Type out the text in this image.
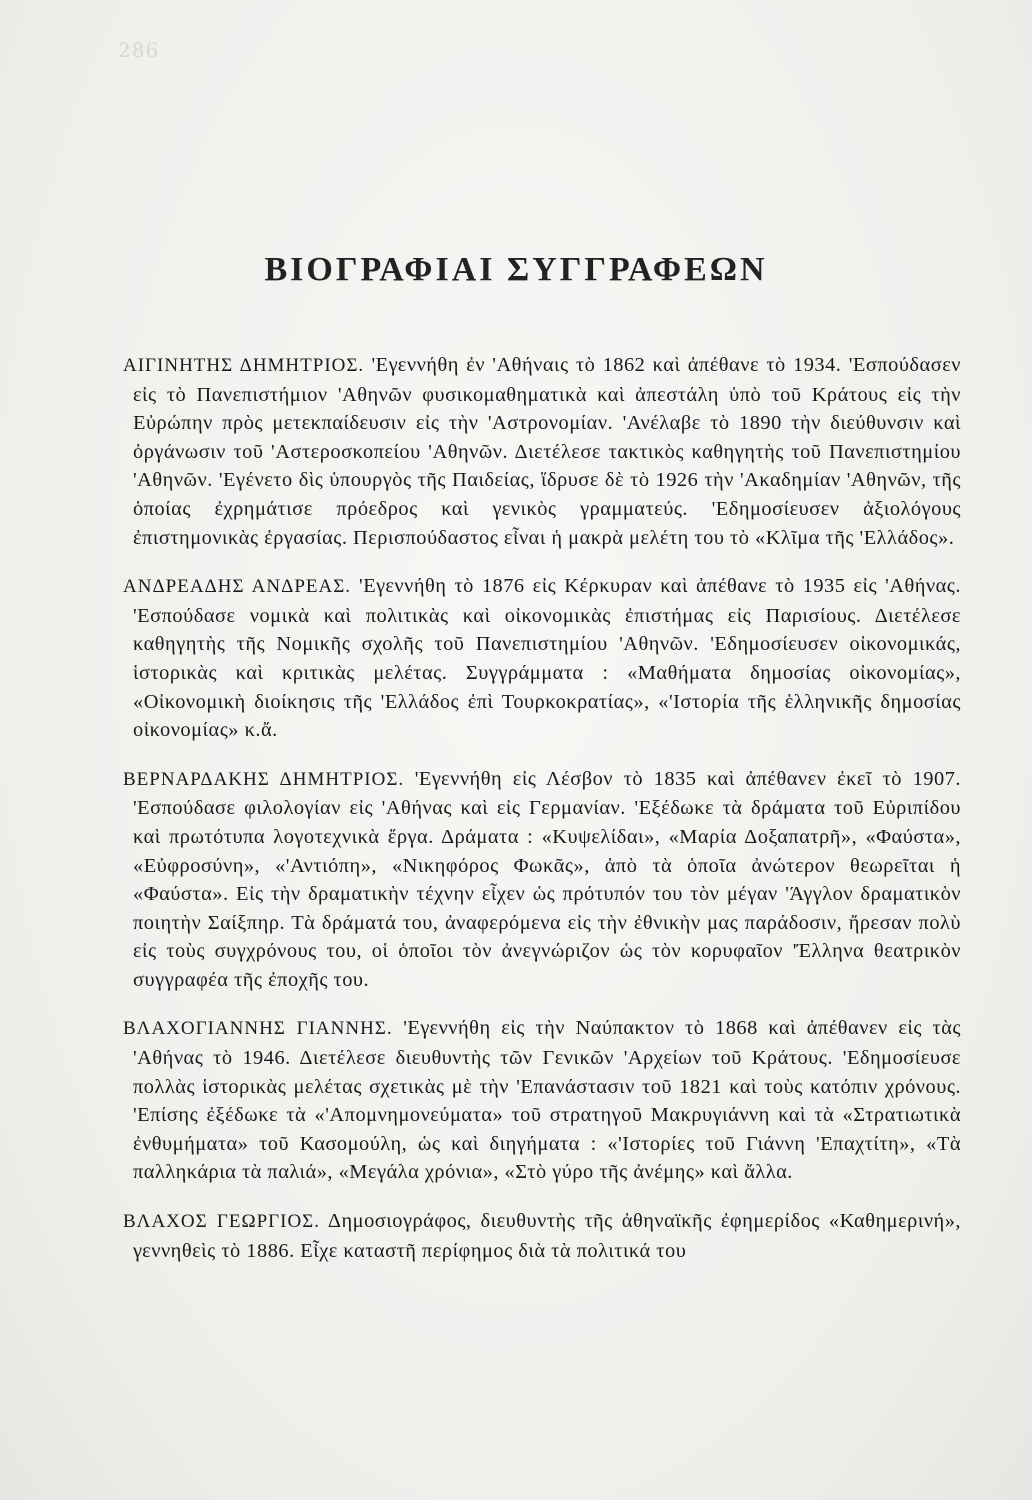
286

ΒΙΟΓΡΑΦΙΑΙ ΣΥΓΓΡΑΦΕΩΝ

ΑΙΓΙΝΗΤΗΣ ΔΗΜΗΤΡΙΟΣ. 'Εγεννήθη ἐν 'Αθήναις τὸ 1862 καὶ ἀπέθανε τὸ 1934. 'Εσπούδασεν εἰς τὸ Πανεπιστήμιον 'Αθηνῶν φυσικομαθηματικὰ καὶ ἀπεστάλη ὑπὸ τοῦ Κράτους εἰς τὴν Εὐρώπην πρὸς μετεκπαίδευσιν εἰς τὴν 'Αστρονομίαν. 'Ανέλαβε τὸ 1890 τὴν διεύθυνσιν καὶ ὀργάνωσιν τοῦ 'Αστεροσκοπείου 'Αθηνῶν. Διετέλεσε τακτικὸς καθηγητὴς τοῦ Πανεπιστημίου 'Αθηνῶν. 'Εγένετο δὶς ὑπουργὸς τῆς Παιδείας, ἵδρυσε δὲ τὸ 1926 τὴν 'Ακαδημίαν 'Αθηνῶν, τῆς ὁποίας ἐχρημάτισε πρόεδρος καὶ γενικὸς γραμματεύς. 'Εδημοσίευσεν ἀξιολόγους ἐπιστημονικὰς ἐργασίας. Περισπούδαστος εἶναι ἡ μακρὰ μελέτη του τὸ «Κλῖμα τῆς 'Ελλάδος».

ΑΝΔΡΕΑΔΗΣ ΑΝΔΡΕΑΣ. 'Εγεννήθη τὸ 1876 εἰς Κέρκυραν καὶ ἀπέθανε τὸ 1935 εἰς 'Αθήνας. 'Εσπούδασε νομικὰ καὶ πολιτικὰς καὶ οἰκονομικὰς ἐπιστήμας εἰς Παρισίους. Διετέλεσε καθηγητὴς τῆς Νομικῆς σχολῆς τοῦ Πανεπιστημίου 'Αθηνῶν. 'Εδημοσίευσεν οἰκονομικάς, ἱστορικὰς καὶ κριτικὰς μελέτας. Συγγράμματα : «Μαθήματα δημοσίας οἰκονομίας», «Οἰκονομικὴ διοίκησις τῆς 'Ελλάδος ἐπὶ Τουρκοκρατίας», «'Ιστορία τῆς ἑλληνικῆς δημοσίας οἰκονομίας» κ.ἄ.

ΒΕΡΝΑΡΔΑΚΗΣ ΔΗΜΗΤΡΙΟΣ. 'Εγεννήθη εἰς Λέσβον τὸ 1835 καὶ ἀπέθανεν ἐκεῖ τὸ 1907. 'Εσπούδασε φιλολογίαν εἰς 'Αθήνας καὶ εἰς Γερμανίαν. 'Εξέδωκε τὰ δράματα τοῦ Εὐριπίδου καὶ πρωτότυπα λογοτεχνικὰ ἔργα. Δράματα : «Κυψελίδαι», «Μαρία Δοξαπατρῆ», «Φαύστα», «Εὐφροσύνη», «'Αντιόπη», «Νικηφόρος Φωκᾶς», ἀπὸ τὰ ὁποῖα ἀνώτερον θεωρεῖται ἡ «Φαύστα». Εἰς τὴν δραματικὴν τέχνην εἶχεν ὡς πρότυπόν του τὸν μέγαν 'Άγγλον δραματικὸν ποιητὴν Σαίξπηρ. Τὰ δράματά του, ἀναφερόμενα εἰς τὴν ἐθνικὴν μας παράδοσιν, ἤρεσαν πολὺ εἰς τοὺς συγχρόνους του, οἱ ὁποῖοι τὸν ἀνεγνώριζον ὡς τὸν κορυφαῖον 'Έλληνα θεατρικὸν συγγραφέα τῆς ἐποχῆς του.

ΒΛΑΧΟΓΙΑΝΝΗΣ ΓΙΑΝΝΗΣ. 'Εγεννήθη εἰς τὴν Ναύπακτον τὸ 1868 καὶ ἀπέθανεν εἰς τὰς 'Αθήνας τὸ 1946. Διετέλεσε διευθυντὴς τῶν Γενικῶν 'Αρχείων τοῦ Κράτους. 'Εδημοσίευσε πολλὰς ἱστορικὰς μελέτας σχετικὰς μὲ τὴν 'Επανάστασιν τοῦ 1821 καὶ τοὺς κατόπιν χρόνους. 'Επίσης ἐξέδωκε τὰ «'Απομνημονεύματα» τοῦ στρατηγοῦ Μακρυγιάννη καὶ τὰ «Στρατιωτικὰ ἐνθυμήματα» τοῦ Κασομούλη, ὡς καὶ διηγήματα : «'Ιστορίες τοῦ Γιάννη 'Επαχτίτη», «Τὰ παλληκάρια τὰ παλιά», «Μεγάλα χρόνια», «Στὸ γύρο τῆς ἀνέμης» καὶ ἄλλα.

ΒΛΑΧΟΣ ΓΕΩΡΓΙΟΣ. Δημοσιογράφος, διευθυντὴς τῆς ἀθηναϊκῆς ἐφημερίδος «Καθημερινή», γεννηθεὶς τὸ 1886. Εἶχε καταστῆ περίφημος διὰ τὰ πολιτικά του
